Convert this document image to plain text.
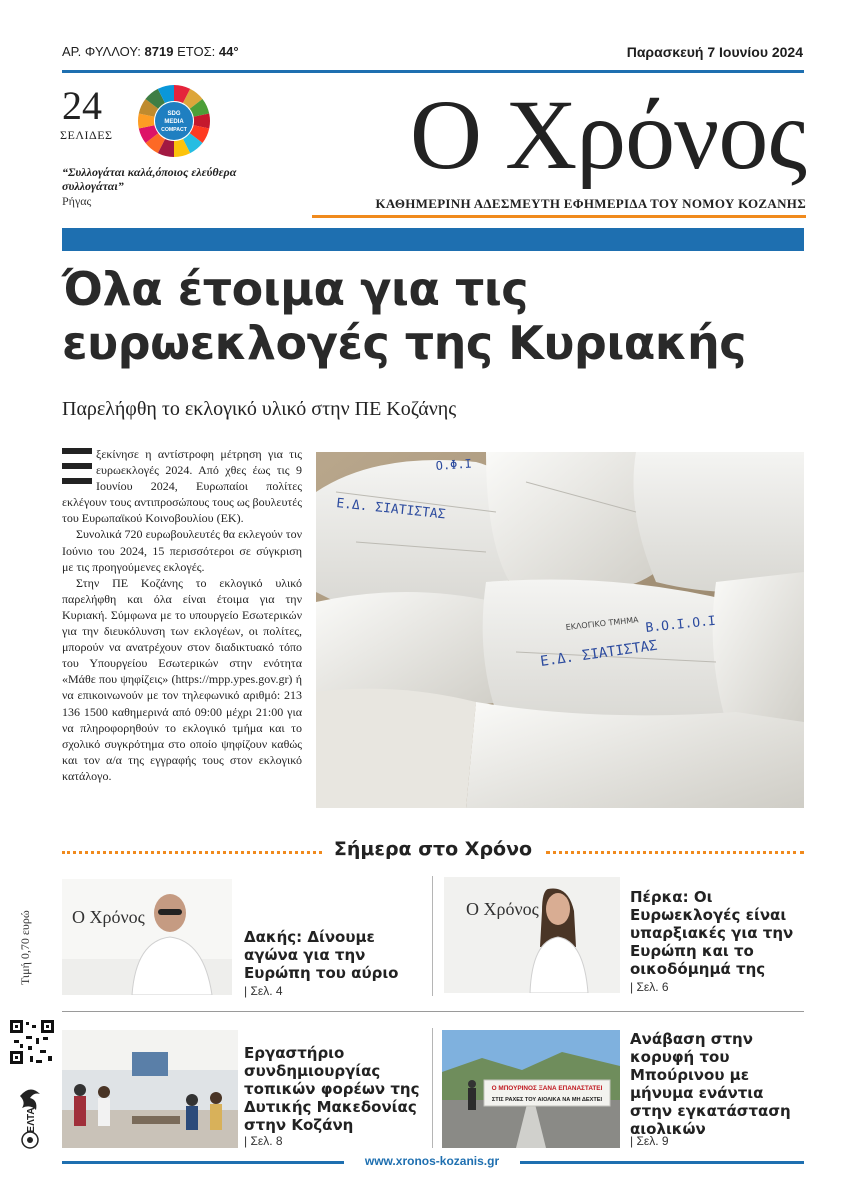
ΑΡ. ΦΥΛΛΟΥ: 8719 ΕΤΟΣ: 44°	Παρασκευή 7 Ιουνίου 2024
24
ΣΕΛΙΔΕΣ
SDG
MEDIA
COMPACT
“Συλλογάται καλά,όποιος ελεύθερα συλλογάται”
Ρήγας
Ο Χρόνος
ΚΑΘΗΜΕΡΙΝΗ ΑΔΕΣΜΕΥΤΗ ΕΦΗΜΕΡΙΔΑ ΤΟΥ ΝΟΜΟΥ ΚΟΖΑΝΗΣ
Όλα έτοιμα για τις
ευρωεκλογές της Κυριακής
Παρελήφθη το εκλογικό υλικό στην ΠΕ Κοζάνης

ξεκίνησε η αντίστροφη μέτρηση για τις ευρωεκλογές 2024. Από χθες έως τις 9 Ιουνίου 2024, Ευρωπαίοι πολίτες εκλέγουν τους αντιπροσώπους τους ως βουλευτές του Ευρωπαϊκού Κοινοβουλίου (ΕΚ).

Συνολικά 720 ευρωβουλευτές θα εκλεγούν τον Ιούνιο του 2024, 15 περισσότεροι σε σύγκριση με τις προηγούμενες εκλογές.

Στην ΠΕ Κοζάνης το εκλογικό υλικό παρελήφθη και όλα είναι έτοιμα για την Κυριακή. Σύμφωνα με το υπουργείο Εσωτερικών για την διευκόλυνση των εκλογέων, οι πολίτες, μπορούν να ανατρέχουν στον διαδικτυακό τόπο του Υπουργείου Εσωτερικών στην ενότητα «Μάθε που ψηφίζεις» (https://mpp.ypes.gov.gr) ή να επικοινωνούν με τον τηλεφωνικό αριθμό: 213 136 1500 καθημερινά από 09:00 μέχρι 21:00 για να πληροφορηθούν το εκλογικό τμήμα και το σχολικό συγκρότημα στο οποίο ψηφίζουν καθώς και τον α/α της εγγραφής τους στον εκλογικό κατάλογο.

Ε.Δ. ΣΙΑΤΙΣΤΑΣ
Ε.Δ. ΣΙΑΤΙΣΤΑΣ
ΕΚΛΟΓΙΚΟ ΤΜΗΜΑ Β.Ο.Ι.Ο.Ι
Ο.Φ.Ι
Σήμερα στο Χρόνο
Ο Χρόνος
Δακής: Δίνουμε αγώνα για την Ευρώπη του αύριο
| Σελ. 4
Ο Χρόνος
Πέρκα: Οι Ευρωεκλογές είναι υπαρξιακές για την Ευρώπη και το οικοδόμημά της
| Σελ. 6
Εργαστήριο συνδημιουργίας τοπικών φορέων της Δυτικής Μακεδονίας στην Κοζάνη
| Σελ. 8
Ο ΜΠΟΥΡΙΝΟΣ ΞΑΝΑ ΕΠΑΝΑΣΤΑΤΕΙ
ΣΤΙΣ ΡΑΧΕΣ ΤΟΥ ΑΙΟΛΙΚΑ ΝΑ ΜΗ ΔΕΧΤΕΙ
Ανάβαση στην κορυφή του Μπούρινου με μήνυμα ενάντια στην εγκατάσταση αιολικών
| Σελ. 9
Τιμή 0,70 ευρώ
ΕΛΤΑ
www.xronos-kozanis.gr
